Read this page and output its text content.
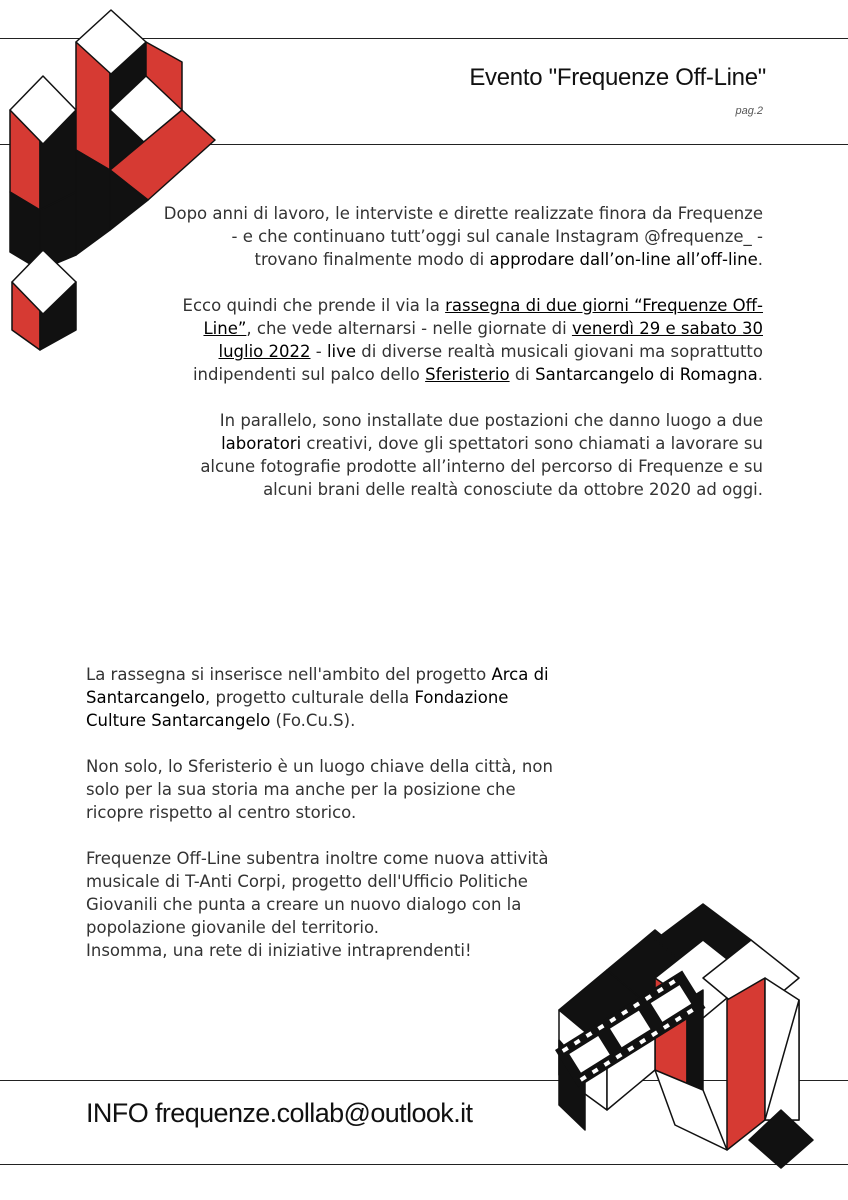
Evento "Frequenze Off-Line"
pag.2

Dopo anni di lavoro, le interviste e dirette realizzate finora da Frequenze - e che continuano tutt’oggi sul canale Instagram @frequenze_ - trovano finalmente modo di approdare dall’on-line all’off-line.

Ecco quindi che prende il via la rassegna di due giorni “Frequenze Off-Line”, che vede alternarsi - nelle giornate di venerdì 29 e sabato 30 luglio 2022 - live di diverse realtà musicali giovani ma soprattutto indipendenti sul palco dello Sferisterio di Santarcangelo di Romagna.

In parallelo, sono installate due postazioni che danno luogo a due laboratori creativi, dove gli spettatori sono chiamati a lavorare su alcune fotografie prodotte all’interno del percorso di Frequenze e su alcuni brani delle realtà conosciute da ottobre 2020 ad oggi.

La rassegna si inserisce nell'ambito del progetto Arca di Santarcangelo, progetto culturale della Fondazione Culture Santarcangelo (Fo.Cu.S).

Non solo, lo Sferisterio è un luogo chiave della città, non solo per la sua storia ma anche per la posizione che ricopre rispetto al centro storico.

Frequenze Off-Line subentra inoltre come nuova attività musicale di T-Anti Corpi, progetto dell'Ufficio Politiche Giovanili che punta a creare un nuovo dialogo con la popolazione giovanile del territorio.
Insomma, una rete di iniziative intraprendenti!

INFO frequenze.collab@outlook.it
